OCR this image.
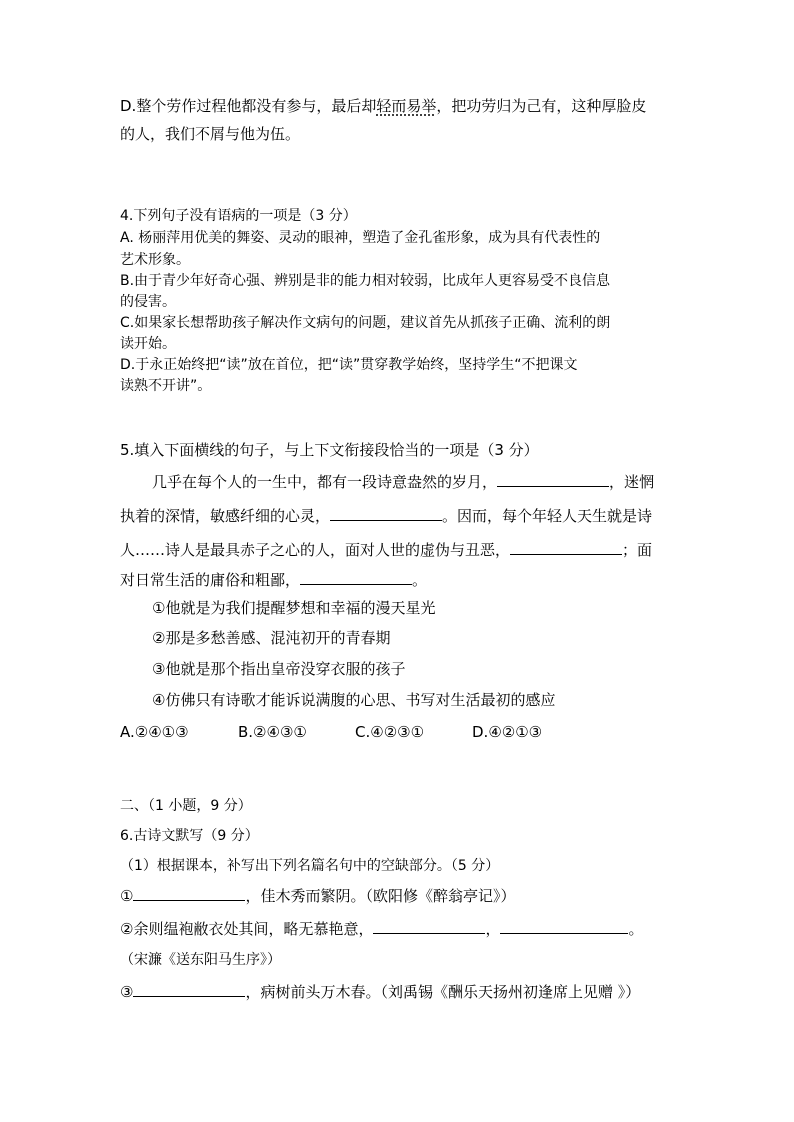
D.整个劳作过程他都没有参与，最后却轻而易举，把功劳归为己有，这种厚脸皮

的人，我们不屑与他为伍。

4.下列句子没有语病的一项是（3 分）

A. 杨丽萍用优美的舞姿、灵动的眼神，塑造了金孔雀形象，成为具有代表性的

艺术形象。

B.由于青少年好奇心强、辨别是非的能力相对较弱，比成年人更容易受不良信息

的侵害。

C.如果家长想帮助孩子解决作文病句的问题，建议首先从抓孩子正确、流利的朗

读开始。

D.于永正始终把“读”放在首位，把“读”贯穿教学始终，坚持学生“不把课文

读熟不开讲”。

5.填入下面横线的句子，与上下文衔接段恰当的一项是（3 分）

几乎在每个人的一生中，都有一段诗意盎然的岁月，	，迷惘

执着的深情，敏感纤细的心灵，	。因而，每个年轻人天生就是诗

人……诗人是最具赤子之心的人，面对人世的虚伪与丑恶，	；面

对日常生活的庸俗和粗鄙，	。

①他就是为我们提醒梦想和幸福的漫天星光

②那是多愁善感、混沌初开的青春期

③他就是那个指出皇帝没穿衣服的孩子

④仿佛只有诗歌才能诉说满腹的心思、书写对生活最初的感应

A.②④①③	B.②④③①	C.④②③①	D.④②①③

二、（1 小题，9 分）

6.古诗文默写（9 分）

（1）根据课本，补写出下列名篇名句中的空缺部分。（5 分）

①	，佳木秀而繁阴。（欧阳修《醉翁亭记》）

②余则缊袍敝衣处其间，略无慕艳意，	，	。

（宋濂《送东阳马生序》）

③	，病树前头万木春。（刘禹锡《酬乐天扬州初逢席上见赠 》）
